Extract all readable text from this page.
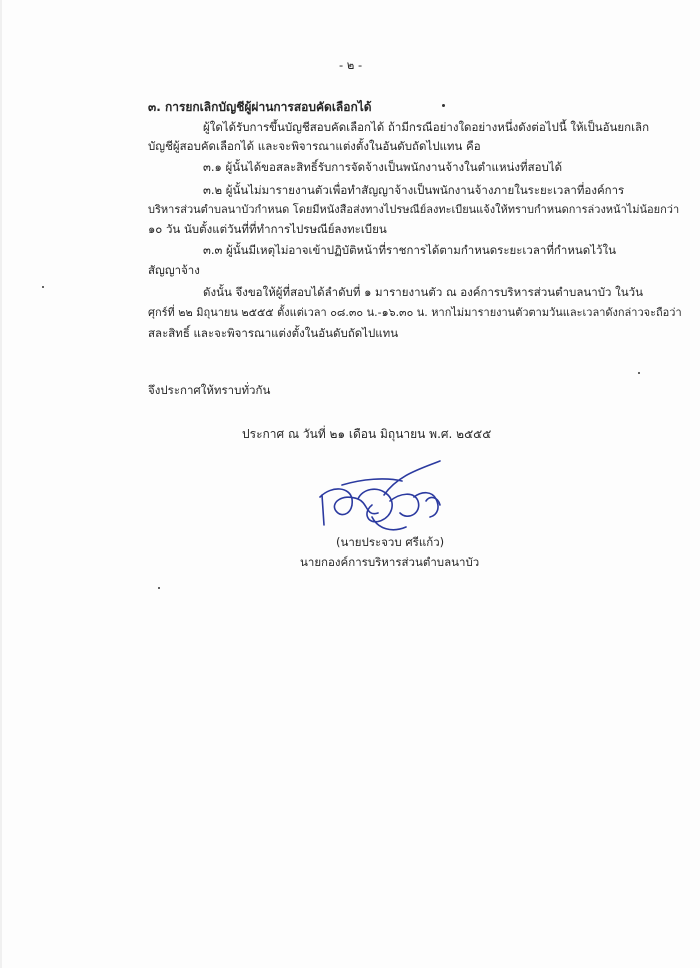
- ๒ -
๓. การยกเลิกบัญชีผู้ผ่านการสอบคัดเลือกได้
ผู้ใดได้รับการขึ้นบัญชีสอบคัดเลือกได้ ถ้ามีกรณีอย่างใดอย่างหนึ่งดังต่อไปนี้ ให้เป็นอันยกเลิก
บัญชีผู้สอบคัดเลือกได้ และจะพิจารณาแต่งตั้งในอันดับถัดไปแทน คือ
๓.๑ ผู้นั้นได้ขอสละสิทธิ์รับการจัดจ้างเป็นพนักงานจ้างในตำแหน่งที่สอบได้
๓.๒ ผู้นั้นไม่มารายงานตัวเพื่อทำสัญญาจ้างเป็นพนักงานจ้างภายในระยะเวลาที่องค์การ
บริหารส่วนตำบลนาบัวกำหนด โดยมีหนังสือส่งทางไปรษณีย์ลงทะเบียนแจ้งให้ทราบกำหนดการล่วงหน้าไม่น้อยกว่า
๑๐ วัน นับตั้งแต่วันที่ที่ทำการไปรษณีย์ลงทะเบียน
๓.๓ ผู้นั้นมีเหตุไม่อาจเข้าปฏิบัติหน้าที่ราชการได้ตามกำหนดระยะเวลาที่กำหนดไว้ใน
สัญญาจ้าง
ดังนั้น จึงขอให้ผู้ที่สอบได้ลำดับที่ ๑ มารายงานตัว ณ องค์การบริหารส่วนตำบลนาบัว ในวัน
ศุกร์ที่ ๒๒ มิถุนายน ๒๕๕๕ ตั้งแต่เวลา ๐๘.๓๐ น.-๑๖.๓๐ น. หากไม่มารายงานตัวตามวันและเวลาดังกล่าวจะถือว่า
สละสิทธิ์ และจะพิจารณาแต่งตั้งในอันดับถัดไปแทน
จึงประกาศให้ทราบทั่วกัน
ประกาศ ณ วันที่ ๒๑ เดือน มิถุนายน พ.ศ. ๒๕๕๕
(นายประจวบ ศรีแก้ว)
นายกองค์การบริหารส่วนตำบลนาบัว
